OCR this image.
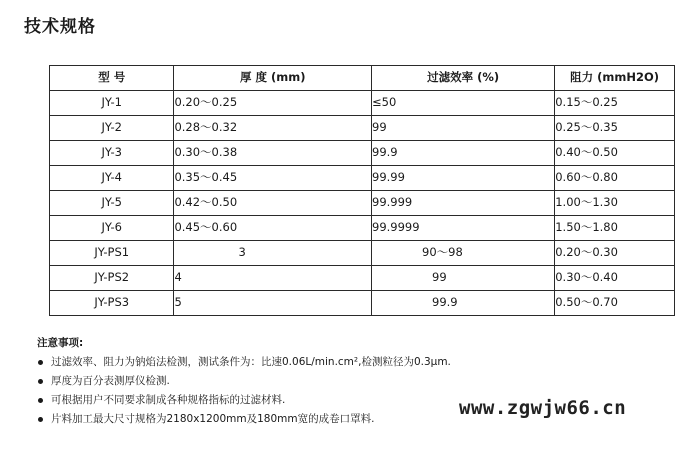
技术规格
型 号	厚 度 (mm)	过滤效率 (%)	阻力 (mmH2O)
JY-1	0.20～0.25	≤50	0.15～0.25
JY-2	0.28～0.32	99	0.25～0.35
JY-3	0.30～0.38	99.9	0.40～0.50
JY-4	0.35～0.45	99.99	0.60～0.80
JY-5	0.42～0.50	99.999	1.00～1.30
JY-6	0.45～0.60	99.9999	1.50～1.80
JY-PS1	3	90～98	0.20～0.30
JY-PS2	4	99	0.30～0.40
JY-PS3	5	99.9	0.50～0.70
注意事项:
过滤效率、阻力为钠焰法检测，测试条件为：比速0.06L/min.cm²,检测粒径为0.3μm.
厚度为百分表测厚仪检测.
可根据用户不同要求制成各种规格指标的过滤材料.
片料加工最大尺寸规格为2180x1200mm及180mm宽的成卷口罩料.	www.zgwjw66.cn
